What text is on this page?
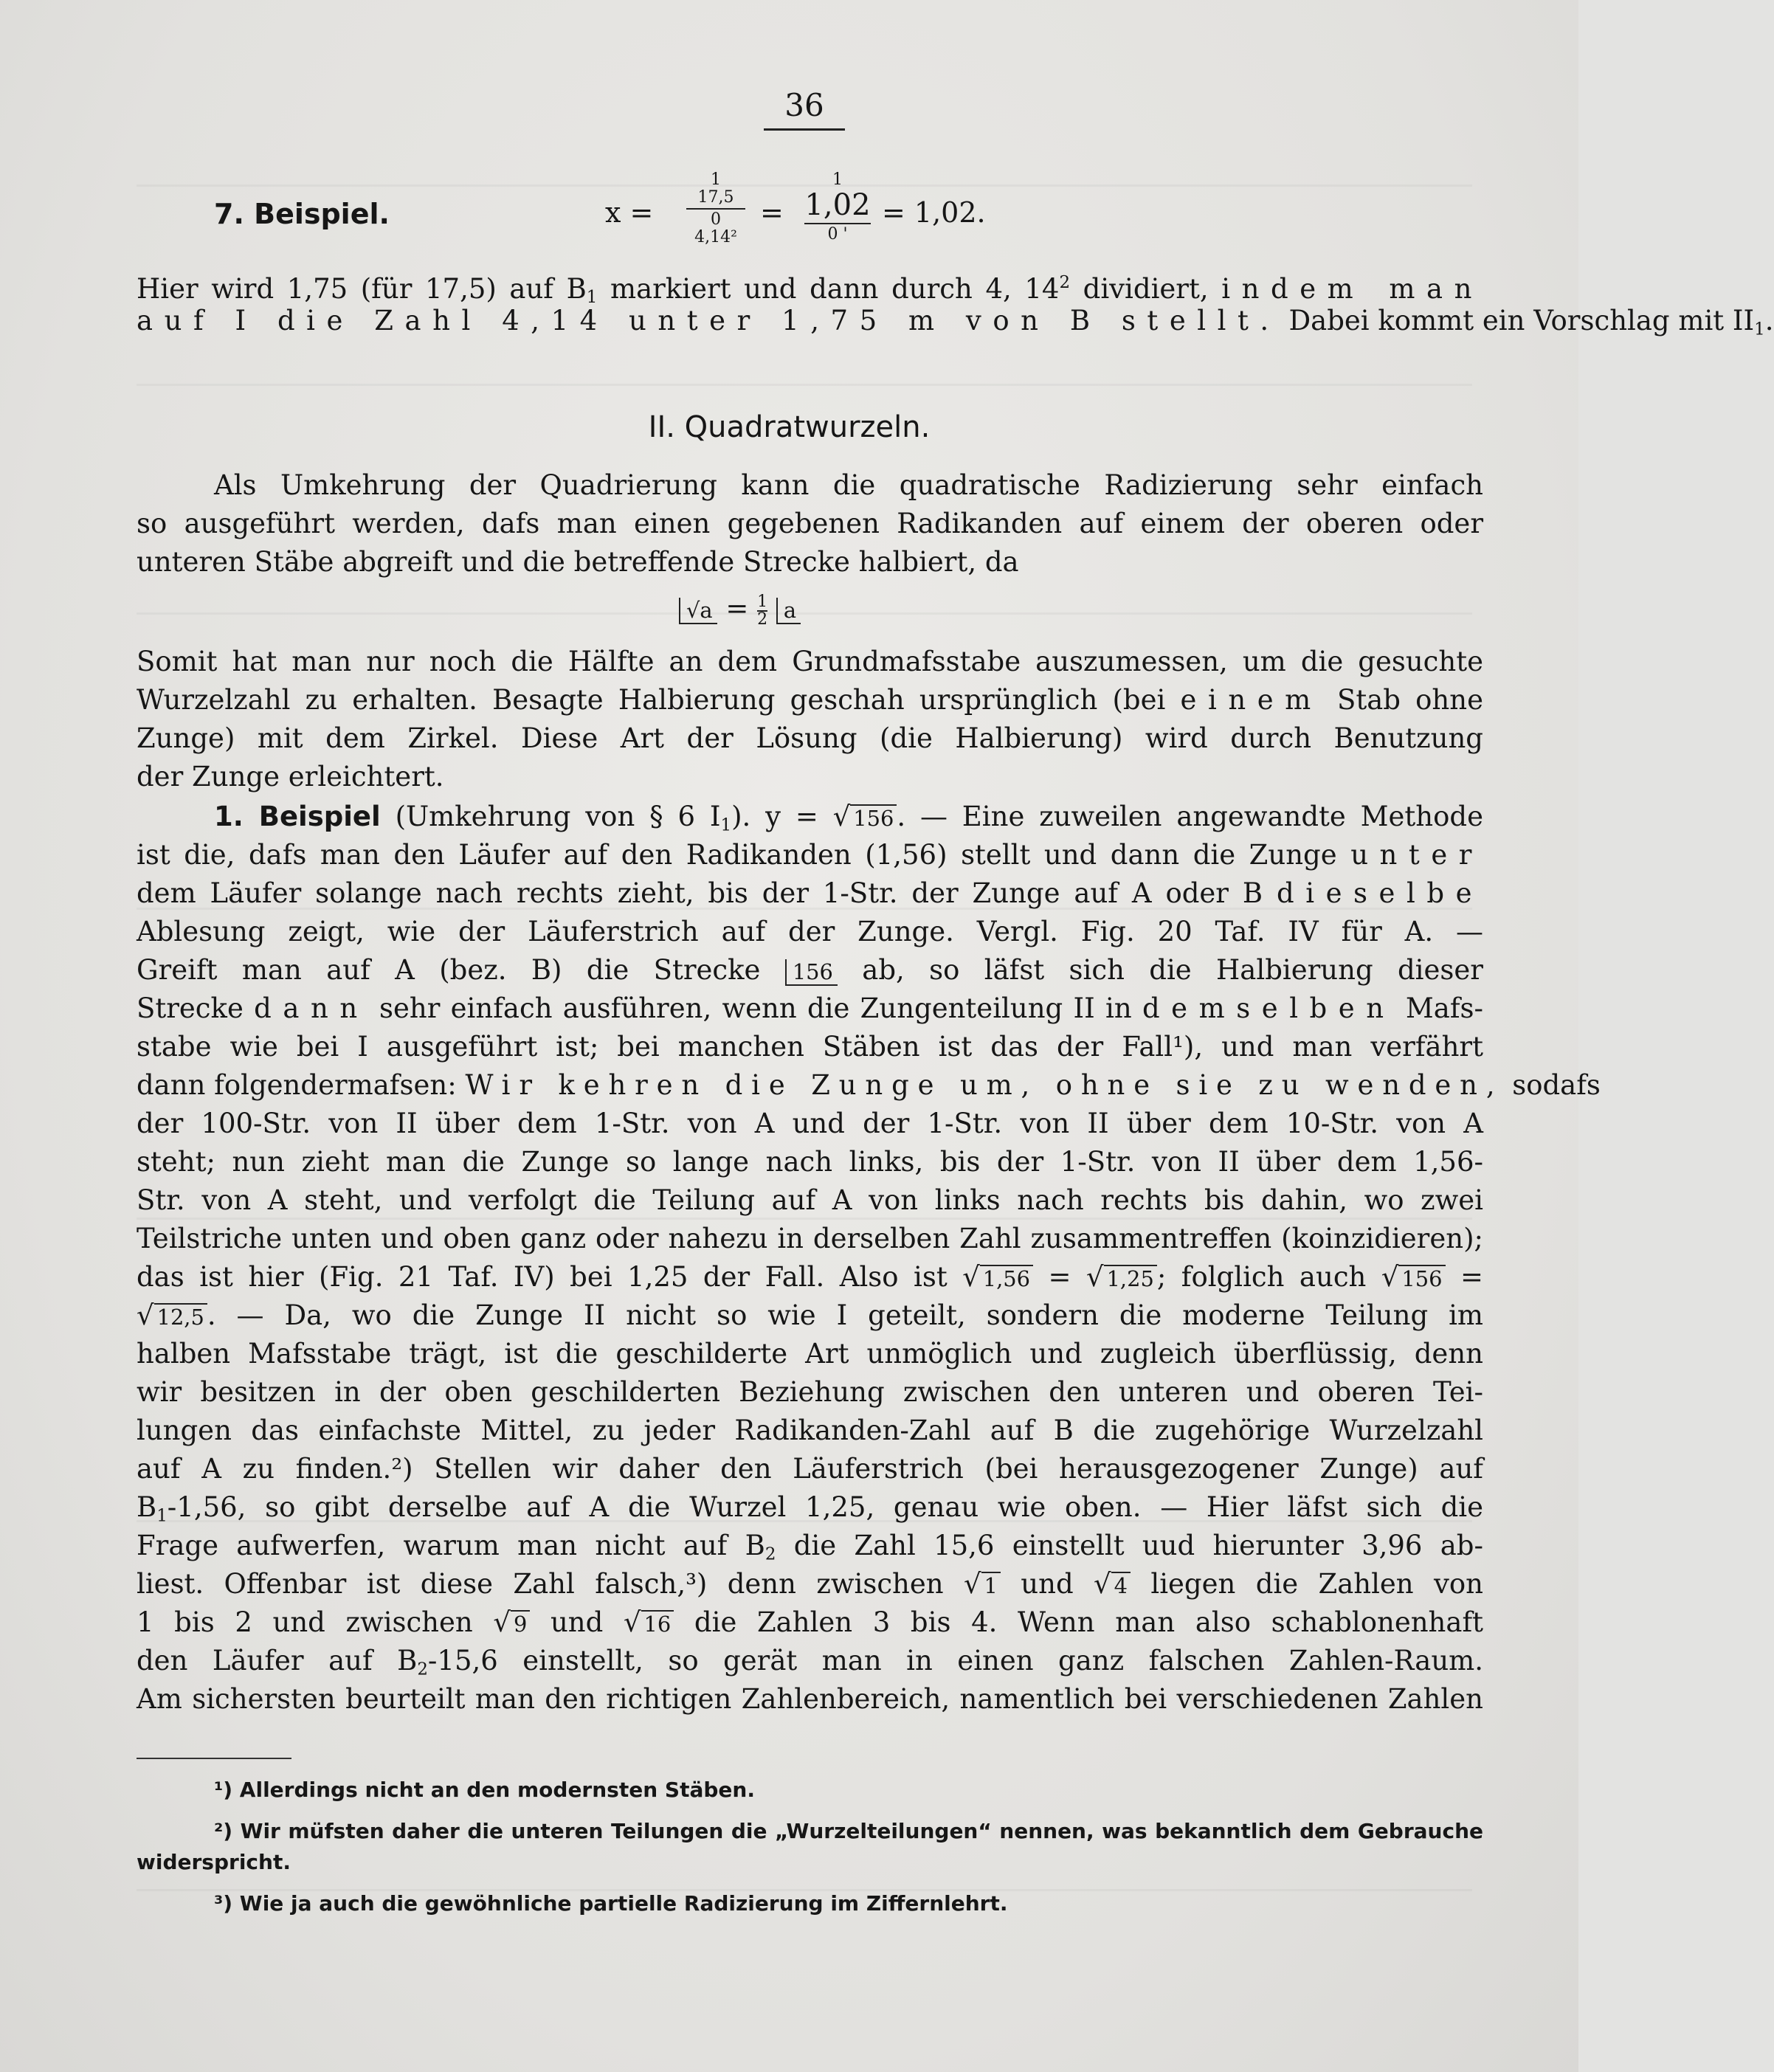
36
7. Beispiel.	x =
1
17,5
0
4,14²
=
1
1,02
0 '
= 1,02.
Hier wird 1,75 (für 17,5) auf $B_1$ markiert und dann durch 4, $14^2$ dividiert, indem man
auf I die Zahl 4,14 unter 1,75 m von B stellt. Dabei kommt ein Vorschlag mit $II_1$.
II. Quadratwurzeln.
Als Umkehrung der Quadrierung kann die quadratische Radizierung sehr einfach
so ausgeführt werden, dafs man einen gegebenen Radikanden auf einem der oberen oder
unteren Stäbe abgreift und die betreffende Strecke halbiert, da
$√a = \frac{1}{2}$ a
Somit hat man nur noch die Hälfte an dem Grundmafsstabe auszumessen, um die gesuchte
Wurzelzahl zu erhalten. Besagte Halbierung geschah ursprünglich (bei einem Stab ohne
Zunge) mit dem Zirkel. Diese Art der Lösung (die Halbierung) wird durch Benutzung
der Zunge erleichtert.
1. Beispiel (Umkehrung von § 6 $I_1$). y = √ 156 . — Eine zuweilen angewandte Methode
ist die, dafs man den Läufer auf den Radikanden (1,56) stellt und dann die Zunge unter
dem Läufer solange nach rechts zieht, bis der 1-Str. der Zunge auf A oder B dieselbe
Ablesung zeigt, wie der Läuferstrich auf der Zunge. Vergl. Fig. 20 Taf. IV für A. —
Greift man auf A (bez. B) die Strecke 156 ab, so läfst sich die Halbierung dieser
Strecke dann sehr einfach ausführen, wenn die Zungenteilung II in demselben Mafs-
stabe wie bei I ausgeführt ist; bei manchen Stäben ist das der Fall¹), und man verfährt
dann folgendermafsen: Wir kehren die Zunge um, ohne sie zu wenden, sodafs
der 100-Str. von II über dem 1-Str. von A und der 1-Str. von II über dem 10-Str. von A
steht; nun zieht man die Zunge so lange nach links, bis der 1-Str. von II über dem 1,56-
Str. von A steht, und verfolgt die Teilung auf A von links nach rechts bis dahin, wo zwei
Teilstriche unten und oben ganz oder nahezu in derselben Zahl zusammentreffen (koinzidieren);
das ist hier (Fig. 21 Taf. IV) bei 1,25 der Fall. Also ist √ 1,56 = √ 1,25 ; folglich auch √ 156 =
√ 12,5 . — Da, wo die Zunge II nicht so wie I geteilt, sondern die moderne Teilung im
halben Mafsstabe trägt, ist die geschilderte Art unmöglich und zugleich überflüssig, denn
wir besitzen in der oben geschilderten Beziehung zwischen den unteren und oberen Tei-
lungen das einfachste Mittel, zu jeder Radikanden-Zahl auf B die zugehörige Wurzelzahl
auf A zu finden.²) Stellen wir daher den Läuferstrich (bei herausgezogener Zunge) auf
$B_1-1,56$, so gibt derselbe auf A die Wurzel 1,25, genau wie oben. — Hier läfst sich die
Frage aufwerfen, warum man nicht auf $B_2$ die Zahl 15,6 einstellt uud hierunter 3,96 ab-
liest. Offenbar ist diese Zahl falsch,³) denn zwischen √ 1 und √ 4 liegen die Zahlen von
1 bis 2 und zwischen √ 9 und √ 16 die Zahlen 3 bis 4. Wenn man also schablonenhaft
den Läufer auf $B_2-15,6$ einstellt, so gerät man in einen ganz falschen Zahlen-Raum.
Am sichersten beurteilt man den richtigen Zahlenbereich, namentlich bei verschiedenen Zahlen
¹) Allerdings nicht an den modernsten Stäben.
²) Wir müfsten daher die unteren Teilungen die „Wurzelteilungen“ nennen, was bekanntlich dem Gebrauche
widerspricht.
³) Wie ja auch die gewöhnliche partielle Radizierung im Ziffernlehrt.
